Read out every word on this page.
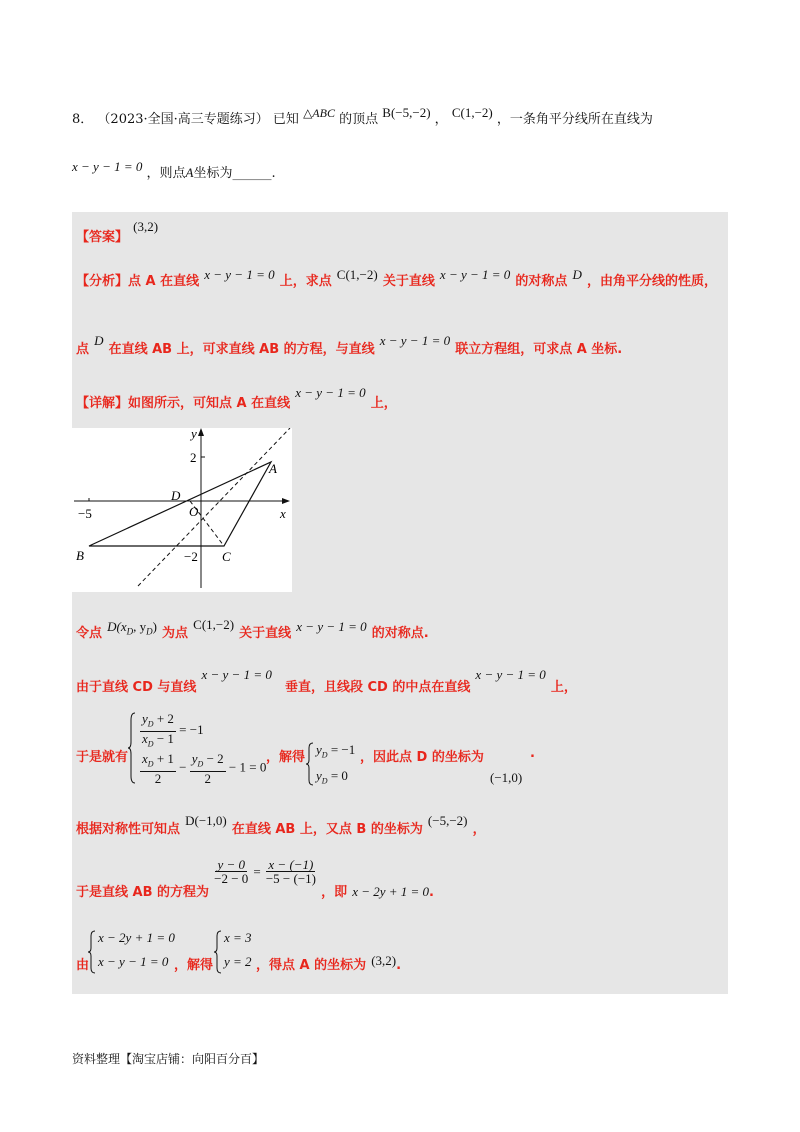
8． （2023·全国·高三专题练习） 已知 △ABC 的顶点 B(−5,−2) ， C(1,−2) ，一条角平分线所在直线为
x − y − 1 = 0 ，则点A坐标为______.
$_{【答案】}$ $^{(3,2)}$
【分析】点 A 在直线 $^{x - y - 1 = 0}$ 上，求点 $^{C(1,-2)}$ 关于直线 $^{x - y - 1 = 0}$ 的对称点 $^D$ ，由角平分线的性质，
点 $^D$ 在直线 AB 上，可求直线 AB 的方程，与直线 $^{x - y - 1 = 0}$ 联立方程组，可求点 A 坐标.
【详解】如图所示，可知点 A 在直线 $^{x - y - 1 = 0}$ 上，
y
x
2
−2
−5
A
B	C
D
O
令点 $^{D(x_D, y_D)}$ 为点 $^{C(1,-2)}$ 关于直线 $^{x - y - 1 = 0}$ 的对称点.
由于直线 CD 与直线 $^{x - y - 1 = 0}$ 垂直，且线段 CD 的中点在直线 $^{x - y - 1 = 0}$ 上，
于是就有
$\frac{y_D + 2}{x_D - 1} = -1$
$\frac{x_D + 1}{2} - \frac{y_D - 2}{2} - 1 = 0$
，解得
$y_D = -1$
$y_D = 0$
，因此点 D 的坐标为
(−1,0)
.
根据对称性可知点 $^{D(-1,0)}$ 在直线 AB 上，又点 B 的坐标为 $^{(-5,-2)}$ ，
$_{于是直线 AB 的方程为}$
$\frac{y - 0}{-2 - 0} = \frac{x - (-1)}{-5 - (-1)}$
$_{,即}$ $_{x - 2y + 1 = 0.}$
由
x − 2y + 1 = 0
x − y − 1 = 0 ，解得
x = 3
y = 2 ，得点 A 的坐标为 $^{(3,2)}$.
资料整理【淘宝店铺：向阳百分百】
